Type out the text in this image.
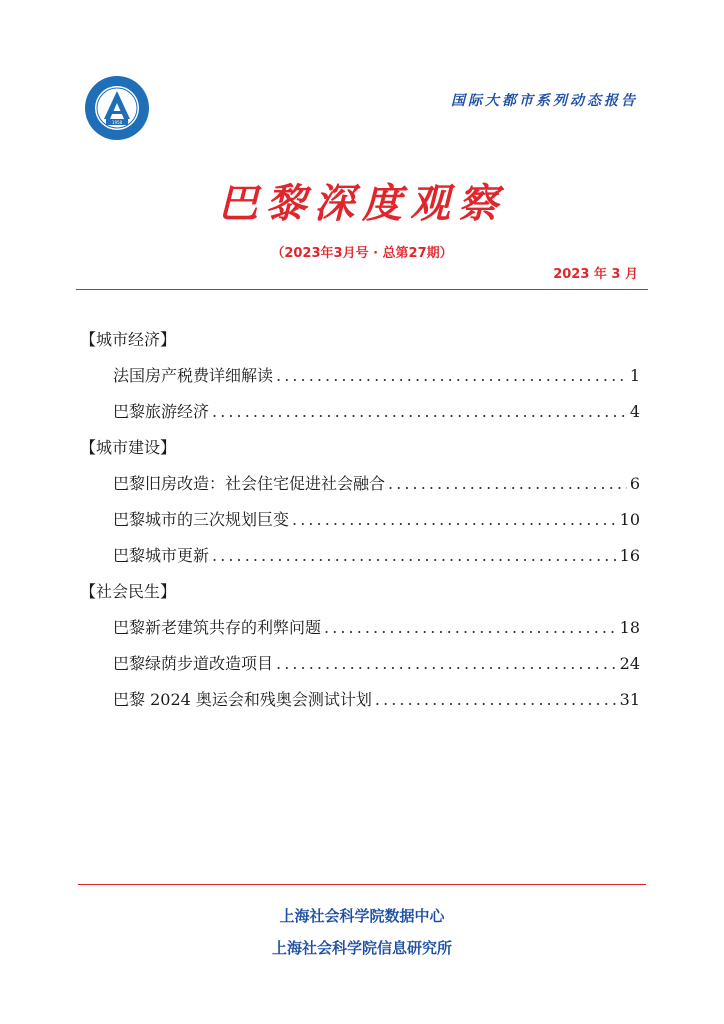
1958
国际大都市系列动态报告
巴黎深度观察
（2023年3月号 · 总第27期）
2023 年 3 月
【城市经济】
法国房产税费详细解读 . . .	1
巴黎旅游经济 . . .	4
【城市建设】
巴黎旧房改造：社会住宅促进社会融合 . . .	6
巴黎城市的三次规划巨变 . . .	10
巴黎城市更新 . . .	16
【社会民生】
巴黎新老建筑共存的利弊问题 . . .	18
巴黎绿荫步道改造项目 . . .	24
巴黎 2024 奥运会和残奥会测试计划 . . .	31
上海社会科学院数据中心
上海社会科学院信息研究所
